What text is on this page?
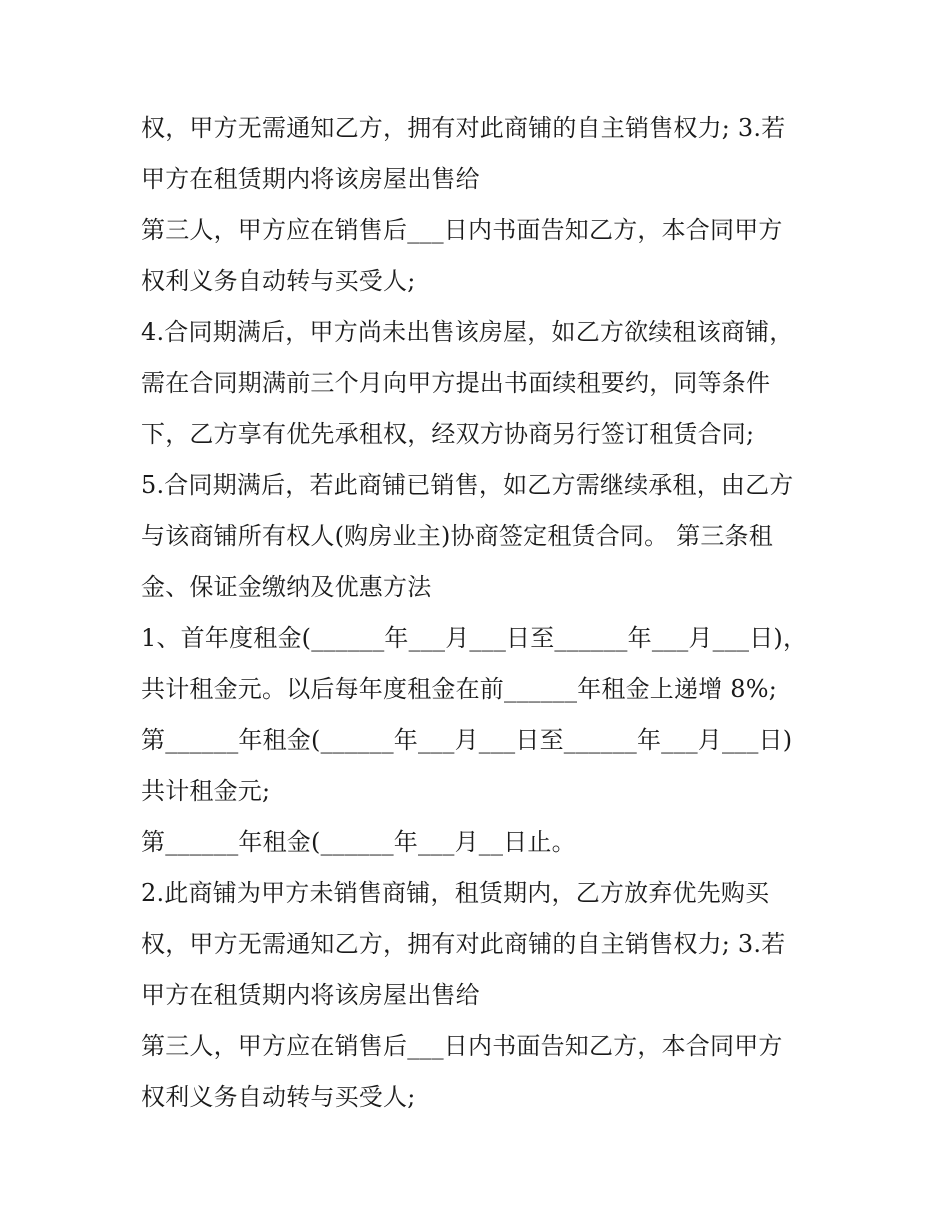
权，甲方无需通知乙方，拥有对此商铺的自主销售权力; 3.若
甲方在租赁期内将该房屋出售给
第三人，甲方应在销售后___日内书面告知乙方，本合同甲方
权利义务自动转与买受人;
4.合同期满后，甲方尚未出售该房屋，如乙方欲续租该商铺，
需在合同期满前三个月向甲方提出书面续租要约，同等条件
下，乙方享有优先承租权，经双方协商另行签订租赁合同;
5.合同期满后，若此商铺已销售，如乙方需继续承租，由乙方
与该商铺所有权人(购房业主)协商签定租赁合同。 第三条租
金、保证金缴纳及优惠方法
1、首年度租金(______年___月___日至______年___月___日)，
共计租金元。以后每年度租金在前______年租金上递增 8%;
第______年租金(______年___月___日至______年___月___日)
共计租金元;
第______年租金(______年___月__日止。
2.此商铺为甲方未销售商铺，租赁期内，乙方放弃优先购买
权，甲方无需通知乙方，拥有对此商铺的自主销售权力; 3.若
甲方在租赁期内将该房屋出售给
第三人，甲方应在销售后___日内书面告知乙方，本合同甲方
权利义务自动转与买受人;
